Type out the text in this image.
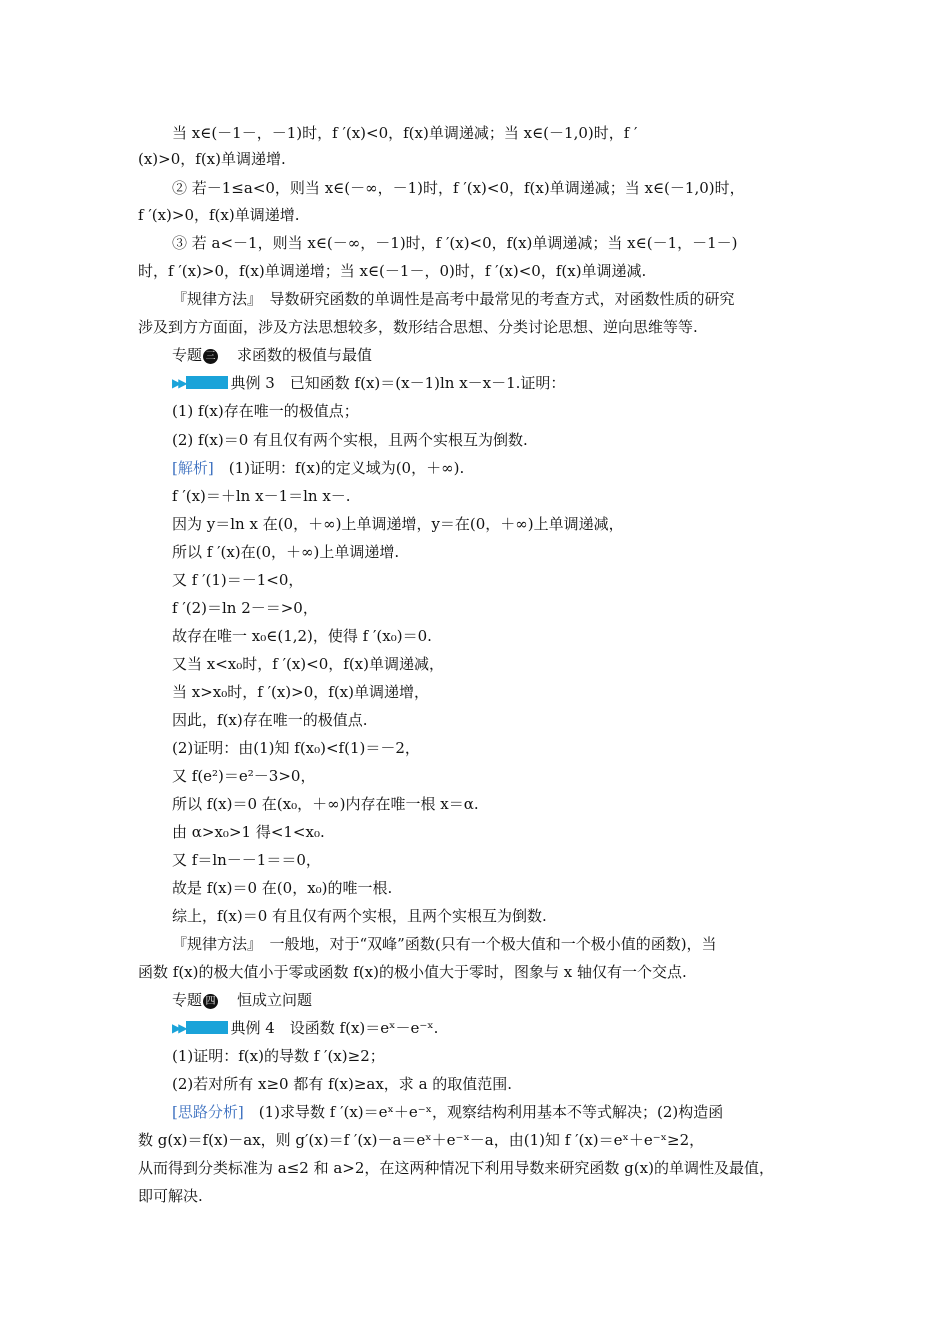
当 x∈(－1－，－1)时，f ′(x)<0，f(x)单调递减；当 x∈(－1,0)时，f ′
(x)>0，f(x)单调递增.
② 若－1≤a<0，则当 x∈(－∞，－1)时，f ′(x)<0，f(x)单调递减；当 x∈(－1,0)时，
f ′(x)>0，f(x)单调递增.
③ 若 a<－1，则当 x∈(－∞，－1)时，f ′(x)<0，f(x)单调递减；当 x∈(－1，－1－)
时，f ′(x)>0，f(x)单调递增；当 x∈(－1－，0)时，f ′(x)<0，f(x)单调递减.
『规律方法』　导数研究函数的单调性是高考中最常见的考查方式，对函数性质的研究
涉及到方方面面，涉及方法思想较多，数形结合思想、分类讨论思想、逆向思维等等.
专题 三　 求函数的极值与最值
▶▶	典例 3　已知函数 f(x)＝(x－1)ln x－x－1.证明：
(1) f(x)存在唯一的极值点；
(2) f(x)＝0 有且仅有两个实根，且两个实根互为倒数.
[解析]　 (1)证明：f(x)的定义域为(0，＋∞).
f ′(x)＝＋ln x－1＝ln x－.
因为 y＝ln x 在(0，＋∞)上单调递增，y＝在(0，＋∞)上单调递减，
所以 f ′(x)在(0，＋∞)上单调递增.
又 f ′(1)＝－1<0，
f ′(2)＝ln 2－＝>0，
故存在唯一 x₀∈(1,2)，使得 f ′(x₀)＝0.
又当 x<x₀时，f ′(x)<0，f(x)单调递减，
当 x>x₀时，f ′(x)>0，f(x)单调递增，
因此，f(x)存在唯一的极值点.
(2)证明：由(1)知 f(x₀)<f(1)＝－2，
又 f(e²)＝e²－3>0，
所以 f(x)＝0 在(x₀，＋∞)内存在唯一根 x＝α.
由 α>x₀>1 得<1<x₀.
又 f＝ln－－1＝＝0，
故是 f(x)＝0 在(0，x₀)的唯一根.
综上，f(x)＝0 有且仅有两个实根，且两个实根互为倒数.
『规律方法』　一般地，对于“双峰”函数(只有一个极大值和一个极小值的函数)，当
函数 f(x)的极大值小于零或函数 f(x)的极小值大于零时，图象与 x 轴仅有一个交点.
专题 四　 恒成立问题
▶▶	典例 4　设函数 f(x)＝eˣ－e⁻ˣ.
(1)证明：f(x)的导数 f ′(x)≥2；
(2)若对所有 x≥0 都有 f(x)≥ax，求 a 的取值范围.
[思路分析]　 (1)求导数 f ′(x)＝eˣ＋e⁻ˣ，观察结构利用基本不等式解决；(2)构造函
数 g(x)＝f(x)－ax，则 g′(x)＝f ′(x)－a＝eˣ＋e⁻ˣ－a，由(1)知 f ′(x)＝eˣ＋e⁻ˣ≥2，
从而得到分类标准为 a≤2 和 a>2，在这两种情况下利用导数来研究函数 g(x)的单调性及最值，
即可解决.
